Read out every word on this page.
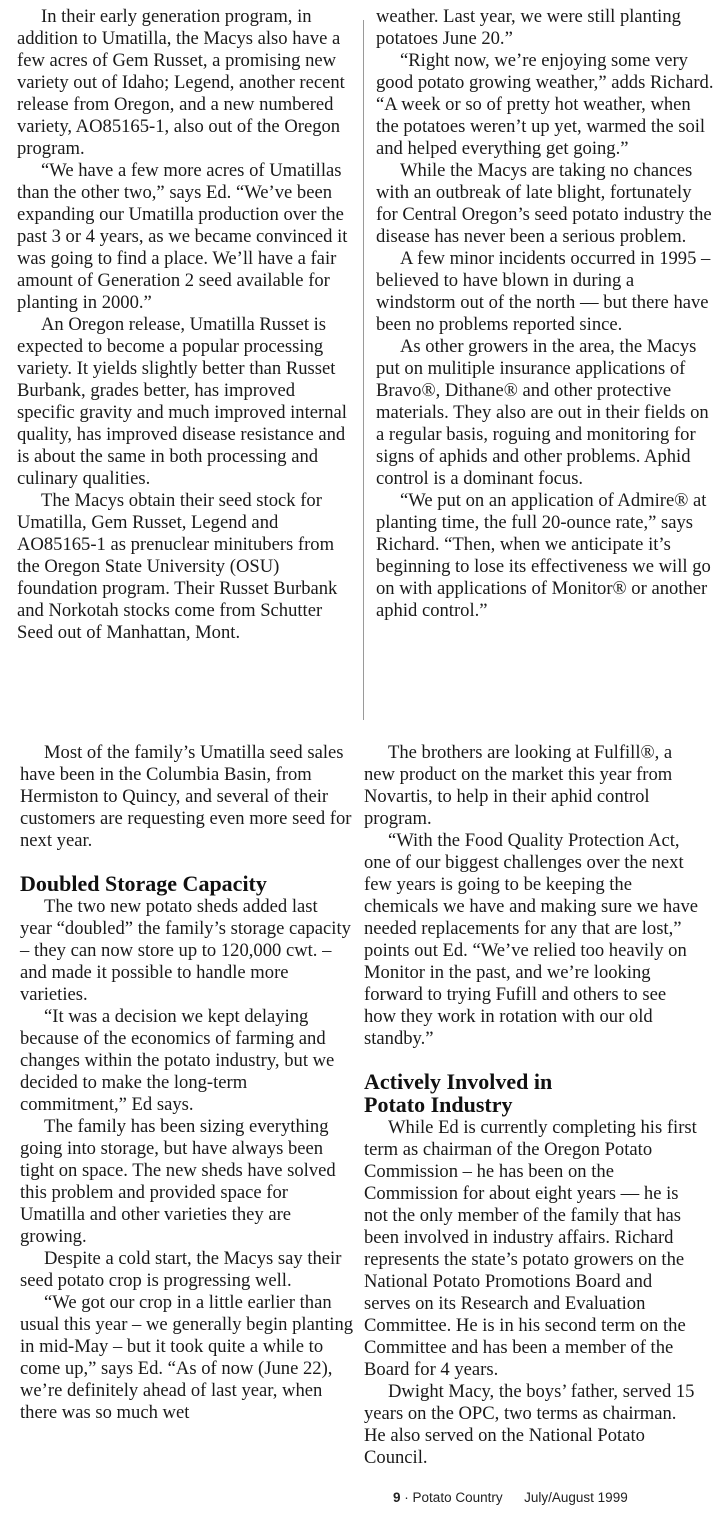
In their early generation program, in addition to Umatilla, the Macys also have a few acres of Gem Russet, a promising new variety out of Idaho; Legend, another recent release from Oregon, and a new numbered variety, AO85165-1, also out of the Oregon program.

“We have a few more acres of Umatillas than the other two,” says Ed. “We’ve been expanding our Umatilla production over the past 3 or 4 years, as we became convinced it was going to find a place. We’ll have a fair amount of Generation 2 seed available for planting in 2000.”

An Oregon release, Umatilla Russet is expected to become a popular processing variety. It yields slightly better than Russet Burbank, grades better, has improved specific gravity and much improved internal quality, has improved disease resistance and is about the same in both processing and culinary qualities.

The Macys obtain their seed stock for Umatilla, Gem Russet, Legend and AO85165-1 as prenuclear minitubers from the Oregon State University (OSU) foundation program. Their Russet Burbank and Norkotah stocks come from Schutter Seed out of Manhattan, Mont.

Most of the family’s Umatilla seed sales have been in the Columbia Basin, from Hermiston to Quincy, and several of their customers are requesting even more seed for next year.

Doubled Storage Capacity

The two new potato sheds added last year “doubled” the family’s storage capacity – they can now store up to 120,000 cwt. – and made it possible to handle more varieties.

“It was a decision we kept delaying because of the economics of farming and changes within the potato industry, but we decided to make the long-term commitment,” Ed says.

The family has been sizing everything going into storage, but have always been tight on space. The new sheds have solved this problem and provided space for Umatilla and other varieties they are growing.

Despite a cold start, the Macys say their seed potato crop is progressing well.

“We got our crop in a little earlier than usual this year – we generally begin planting in mid-May – but it took quite a while to come up,” says Ed. “As of now (June 22), we’re definitely ahead of last year, when there was so much wet

weather. Last year, we were still planting potatoes June 20.”

“Right now, we’re enjoying some very good potato growing weather,” adds Richard. “A week or so of pretty hot weather, when the potatoes weren’t up yet, warmed the soil and helped everything get going.”

While the Macys are taking no chances with an outbreak of late blight, fortunately for Central Oregon’s seed potato industry the disease has never been a serious problem.

A few minor incidents occurred in 1995 – believed to have blown in during a windstorm out of the north — but there have been no problems reported since.

As other growers in the area, the Macys put on mulitiple insurance applications of Bravo®, Dithane® and other protective materials. They also are out in their fields on a regular basis, roguing and monitoring for signs of aphids and other problems. Aphid control is a dominant focus.

“We put on an application of Admire® at planting time, the full 20-ounce rate,” says Richard. “Then, when we anticipate it’s beginning to lose its effectiveness we will go on with applications of Monitor® or another aphid control.”

The brothers are looking at Fulfill®, a new product on the market this year from Novartis, to help in their aphid control program.

“With the Food Quality Protection Act, one of our biggest challenges over the next few years is going to be keeping the chemicals we have and making sure we have needed replacements for any that are lost,” points out Ed. “We’ve relied too heavily on Monitor in the past, and we’re looking forward to trying Fufill and others to see how they work in rotation with our old standby.”

Actively Involved in
Potato Industry

While Ed is currently completing his first term as chairman of the Oregon Potato Commission – he has been on the Commission for about eight years — he is not the only member of the family that has been involved in industry affairs. Richard represents the state’s potato growers on the National Potato Promotions Board and serves on its Research and Evaluation Committee. He is in his second term on the Committee and has been a member of the Board for 4 years.

Dwight Macy, the boys’ father, served 15 years on the OPC, two terms as chairman. He also served on the National Potato Council.

9 · Potato Country July/August 1999
